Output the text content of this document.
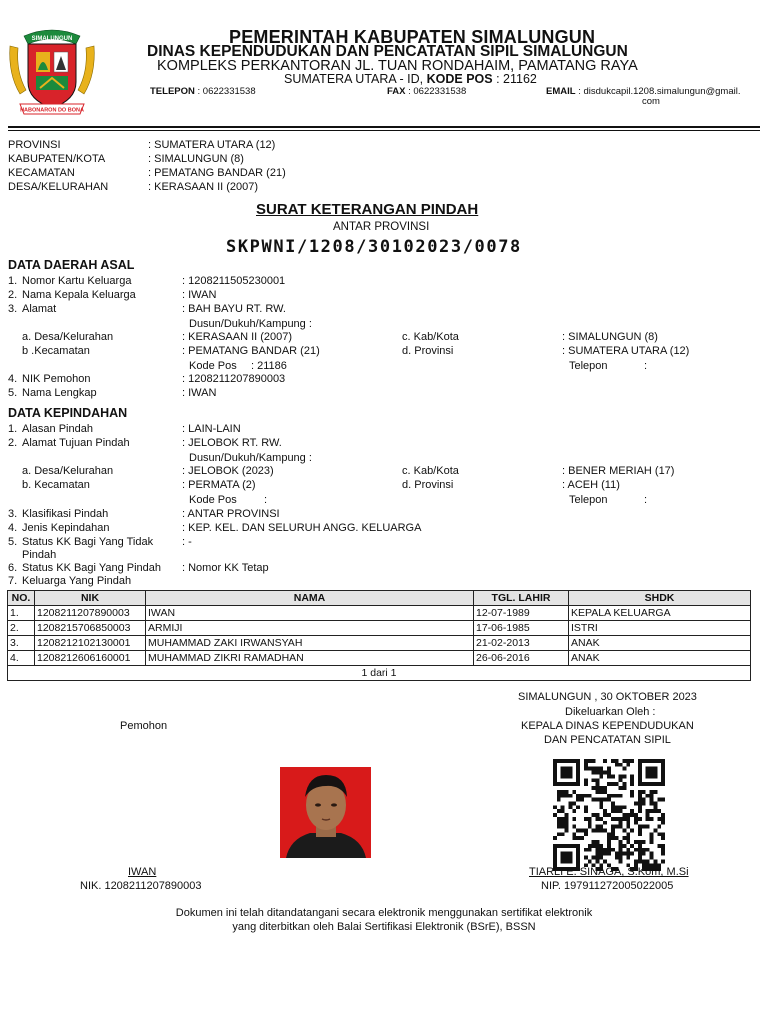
SIMALUNGUN
HABONARON DO BONA
PEMERINTAH KABUPATEN SIMALUNGUN
DINAS KEPENDUDUKAN DAN PENCATATAN SIPIL SIMALUNGUN
KOMPLEKS PERKANTORAN JL. TUAN RONDAHAIM, PAMATANG RAYA
SUMATERA UTARA - ID, KODE POS : 21162
TELEPON : 0622331538	FAX : 0622331538	EMAIL : disdukcapil.1208.simalungun@gmail.
com
PROVINSI	: SUMATERA UTARA (12)
KABUPATEN/KOTA	: SIMALUNGUN (8)
KECAMATAN	: PEMATANG BANDAR (21)
DESA/KELURAHAN	: KERASAAN II (2007)
SURAT KETERANGAN PINDAH
ANTAR PROVINSI
SKPWNI/1208/30102023/0078
DATA DAERAH ASAL
1. Nomor Kartu Keluarga	: 1208211505230001
2. Nama Kepala Keluarga	: IWAN
3. Alamat	: BAH BAYU RT. RW.
Dusun/Dukuh/Kampung :
a. Desa/Kelurahan	: KERASAAN II (2007)	c. Kab/Kota	: SIMALUNGUN (8)
b .Kecamatan	: PEMATANG BANDAR (21)	d. Provinsi	: SUMATERA UTARA (12)
Kode Pos : 21186	Telepon	:
4. NIK Pemohon	: 1208211207890003
5. Nama Lengkap	: IWAN
DATA KEPINDAHAN
1. Alasan Pindah	: LAIN-LAIN
2. Alamat Tujuan Pindah	: JELOBOK RT. RW.
Dusun/Dukuh/Kampung :
a. Desa/Kelurahan	: JELOBOK (2023)	c. Kab/Kota	: BENER MERIAH (17)
b. Kecamatan	: PERMATA (2)	d. Provinsi	: ACEH (11)
Kode Pos :	Telepon	:
3. Klasifikasi Pindah	: ANTAR PROVINSI
4. Jenis Kepindahan	: KEP. KEL. DAN SELURUH ANGG. KELUARGA
5. Status KK Bagi Yang Tidak
Pindah
: -
6. Status KK Bagi Yang Pindah : Nomor KK Tetap
7. Keluarga Yang Pindah
NO.	NIK	NAMA	TGL. LAHIR	SHDK
1.	1208211207890003	IWAN	12-07-1989	KEPALA KELUARGA
2.	1208215706850003	ARMIJI	17-06-1985	ISTRI
3.	1208212102130001	MUHAMMAD ZAKI IRWANSYAH	21-02-2013	ANAK
4.	1208212606160001	MUHAMMAD ZIKRI RAMADHAN	26-06-2016	ANAK
1 dari 1				
SIMALUNGUN , 30 OKTOBER 2023
Dikeluarkan Oleh :
KEPALA DINAS KEPENDUDUKAN
DAN PENCATATAN SIPIL
Pemohon
IWAN
NIK. 1208211207890003
TIARLI E. SINAGA, S.Kom, M.Si
NIP. 197911272005022005
Dokumen ini telah ditandatangani secara elektronik menggunakan sertifikat elektronik
yang diterbitkan oleh Balai Sertifikasi Elektronik (BSrE), BSSN
